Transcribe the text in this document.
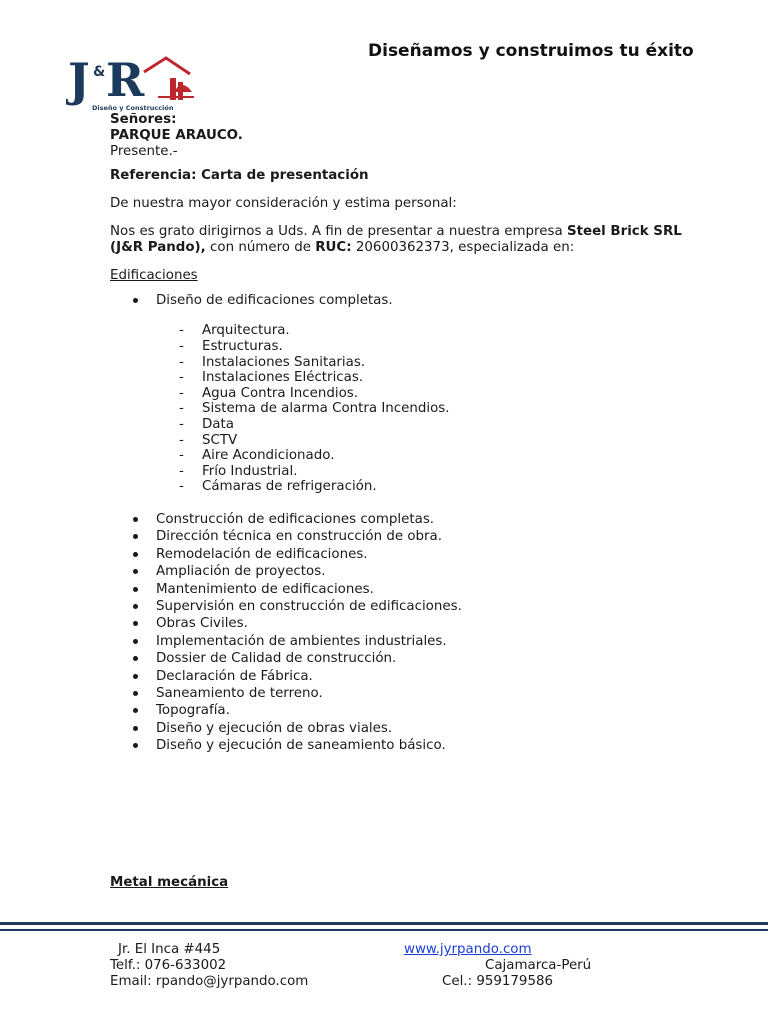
J & R
Diseño y Construcción
Diseñamos y construimos tu éxito

Señores:

PARQUE ARAUCO.

Presente.-

Referencia: Carta de presentación

De nuestra mayor consideración y estima personal:

Nos es grato dirigirnos a Uds. A fin de presentar a nuestra empresa Steel Brick SRL (J&R Pando), con número de RUC: 20600362373, especializada en:

Edificaciones

Diseño de edificaciones completas.
- Arquitectura.
- Estructuras.
- Instalaciones Sanitarias.
- Instalaciones Eléctricas.
- Agua Contra Incendios.
- Sistema de alarma Contra Incendios.
- Data
- SCTV
- Aire Acondicionado.
- Frío Industrial.
- Cámaras de refrigeración.
Construcción de edificaciones completas.
Dirección técnica en construcción de obra.
Remodelación de edificaciones.
Ampliación de proyectos.
Mantenimiento de edificaciones.
Supervisión en construcción de edificaciones.
Obras Civiles.
Implementación de ambientes industriales.
Dossier de Calidad de construcción.
Declaración de Fábrica.
Saneamiento de terreno.
Topografía.
Diseño y ejecución de obras viales.
Diseño y ejecución de saneamiento básico.
Metal mecánica
Jr. El Inca #445
Telf.: 076-633002
Email: rpando@jyrpando.com
www.jyrpando.com
Cajamarca-Perú
Cel.: 959179586
